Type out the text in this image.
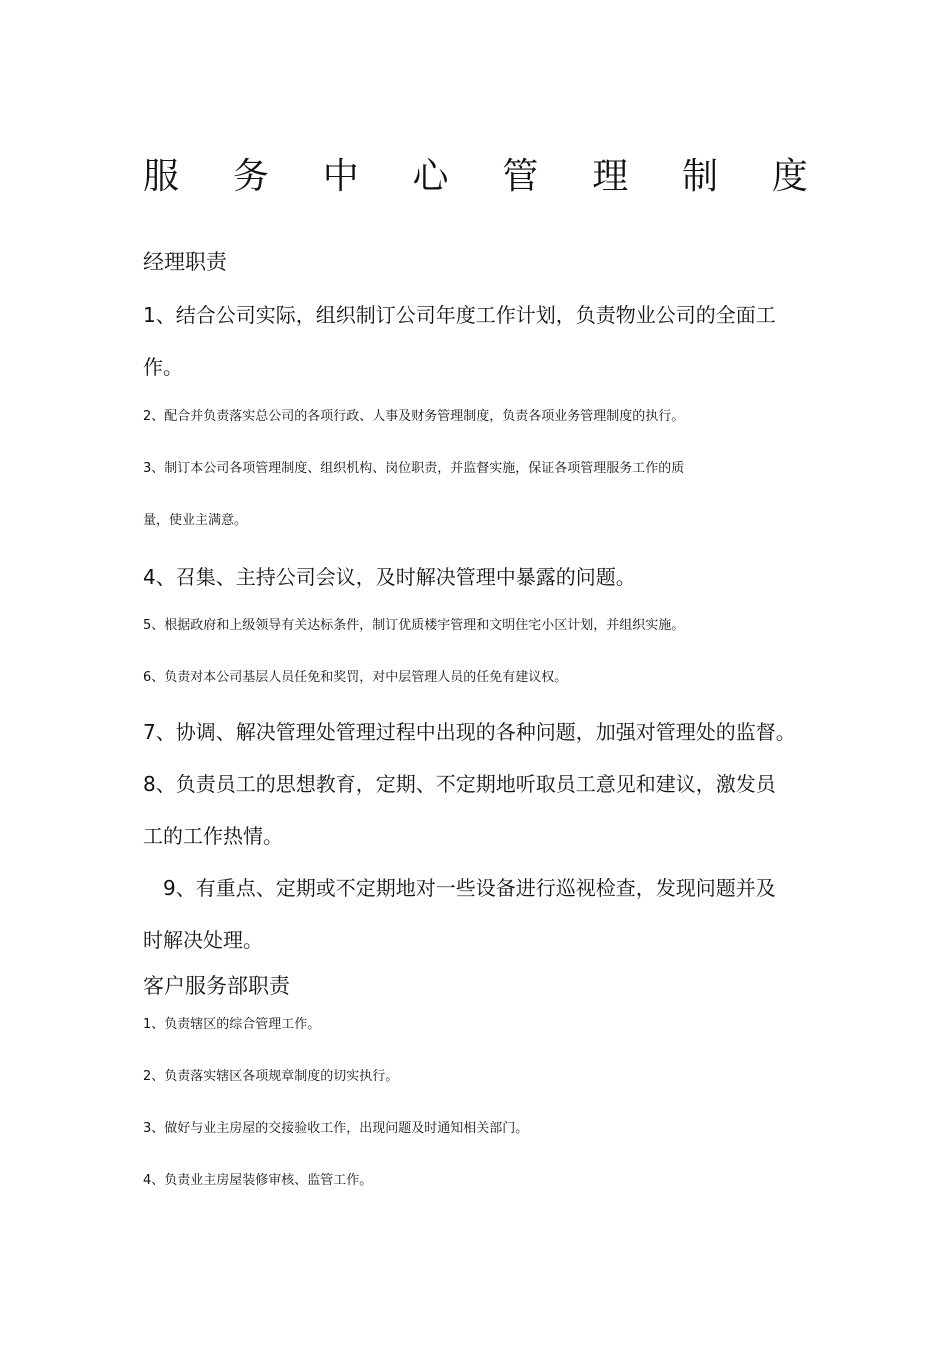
服 务 中 心 管 理 制 度
经理职责
1、结合公司实际，组织制订公司年度工作计划，负责物业公司的全面工
作。
2、配合并负责落实总公司的各项行政、人事及财务管理制度，负责各项业务管理制度的执行。
3、制订本公司各项管理制度、组织机构、岗位职责，并监督实施，保证各项管理服务工作的质
量，使业主满意。
4、召集、主持公司会议，及时解决管理中暴露的问题。
5、根据政府和上级领导有关达标条件，制订优质楼宇管理和文明住宅小区计划，并组织实施。
6、负责对本公司基层人员任免和奖罚，对中层管理人员的任免有建议权。
7、协调、解决管理处管理过程中出现的各种问题，加强对管理处的监督。
8、负责员工的思想教育，定期、不定期地听取员工意见和建议，激发员
工的工作热情。
9、有重点、定期或不定期地对一些设备进行巡视检查，发现问题并及
时解决处理。
客户服务部职责
1、负责辖区的综合管理工作。
2、负责落实辖区各项规章制度的切实执行。
3、做好与业主房屋的交接验收工作，出现问题及时通知相关部门。
4、负责业主房屋装修审核、监管工作。
